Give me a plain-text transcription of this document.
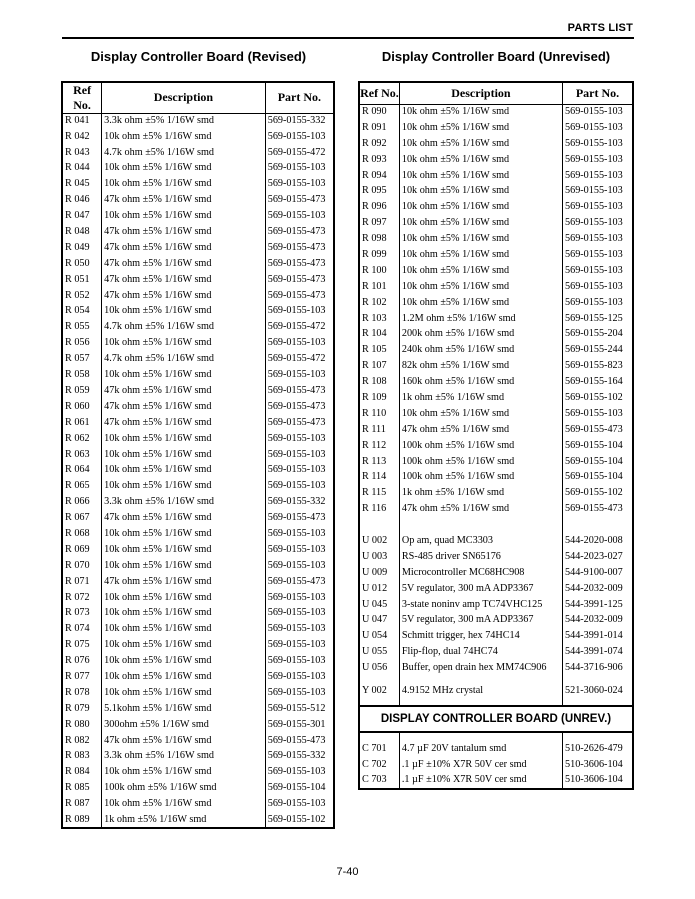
PARTS LIST
Display Controller Board (Revised)	Display Controller Board (Unrevised)
Ref No.	Description	Part No.
R 041	3.3k ohm ±5% 1/16W smd	569-0155-332
R 042	10k ohm ±5% 1/16W smd	569-0155-103
R 043	4.7k ohm ±5% 1/16W smd	569-0155-472
R 044	10k ohm ±5% 1/16W smd	569-0155-103
R 045	10k ohm ±5% 1/16W smd	569-0155-103
R 046	47k ohm ±5% 1/16W smd	569-0155-473
R 047	10k ohm ±5% 1/16W smd	569-0155-103
R 048	47k ohm ±5% 1/16W smd	569-0155-473
R 049	47k ohm ±5% 1/16W smd	569-0155-473
R 050	47k ohm ±5% 1/16W smd	569-0155-473
R 051	47k ohm ±5% 1/16W smd	569-0155-473
R 052	47k ohm ±5% 1/16W smd	569-0155-473
R 054	10k ohm ±5% 1/16W smd	569-0155-103
R 055	4.7k ohm ±5% 1/16W smd	569-0155-472
R 056	10k ohm ±5% 1/16W smd	569-0155-103
R 057	4.7k ohm ±5% 1/16W smd	569-0155-472
R 058	10k ohm ±5% 1/16W smd	569-0155-103
R 059	47k ohm ±5% 1/16W smd	569-0155-473
R 060	47k ohm ±5% 1/16W smd	569-0155-473
R 061	47k ohm ±5% 1/16W smd	569-0155-473
R 062	10k ohm ±5% 1/16W smd	569-0155-103
R 063	10k ohm ±5% 1/16W smd	569-0155-103
R 064	10k ohm ±5% 1/16W smd	569-0155-103
R 065	10k ohm ±5% 1/16W smd	569-0155-103
R 066	3.3k ohm ±5% 1/16W smd	569-0155-332
R 067	47k ohm ±5% 1/16W smd	569-0155-473
R 068	10k ohm ±5% 1/16W smd	569-0155-103
R 069	10k ohm ±5% 1/16W smd	569-0155-103
R 070	10k ohm ±5% 1/16W smd	569-0155-103
R 071	47k ohm ±5% 1/16W smd	569-0155-473
R 072	10k ohm ±5% 1/16W smd	569-0155-103
R 073	10k ohm ±5% 1/16W smd	569-0155-103
R 074	10k ohm ±5% 1/16W smd	569-0155-103
R 075	10k ohm ±5% 1/16W smd	569-0155-103
R 076	10k ohm ±5% 1/16W smd	569-0155-103
R 077	10k ohm ±5% 1/16W smd	569-0155-103
R 078	10k ohm ±5% 1/16W smd	569-0155-103
R 079	5.1kohm ±5% 1/16W smd	569-0155-512
R 080	300ohm ±5% 1/16W smd	569-0155-301
R 082	47k ohm ±5% 1/16W smd	569-0155-473
R 083	3.3k ohm ±5% 1/16W smd	569-0155-332
R 084	10k ohm ±5% 1/16W smd	569-0155-103
R 085	100k ohm ±5% 1/16W smd	569-0155-104
R 087	10k ohm ±5% 1/16W smd	569-0155-103
R 089	1k ohm ±5% 1/16W smd	569-0155-102
Ref No.	Description	Part No.
R 090	10k ohm ±5% 1/16W smd	569-0155-103
R 091	10k ohm ±5% 1/16W smd	569-0155-103
R 092	10k ohm ±5% 1/16W smd	569-0155-103
R 093	10k ohm ±5% 1/16W smd	569-0155-103
R 094	10k ohm ±5% 1/16W smd	569-0155-103
R 095	10k ohm ±5% 1/16W smd	569-0155-103
R 096	10k ohm ±5% 1/16W smd	569-0155-103
R 097	10k ohm ±5% 1/16W smd	569-0155-103
R 098	10k ohm ±5% 1/16W smd	569-0155-103
R 099	10k ohm ±5% 1/16W smd	569-0155-103
R 100	10k ohm ±5% 1/16W smd	569-0155-103
R 101	10k ohm ±5% 1/16W smd	569-0155-103
R 102	10k ohm ±5% 1/16W smd	569-0155-103
R 103	1.2M ohm ±5% 1/16W smd	569-0155-125
R 104	200k ohm ±5% 1/16W smd	569-0155-204
R 105	240k ohm ±5% 1/16W smd	569-0155-244
R 107	82k ohm ±5% 1/16W smd	569-0155-823
R 108	160k ohm ±5% 1/16W smd	569-0155-164
R 109	1k ohm ±5% 1/16W smd	569-0155-102
R 110	10k ohm ±5% 1/16W smd	569-0155-103
R 111	47k ohm ±5% 1/16W smd	569-0155-473
R 112	100k ohm ±5% 1/16W smd	569-0155-104
R 113	100k ohm ±5% 1/16W smd	569-0155-104
R 114	100k ohm ±5% 1/16W smd	569-0155-104
R 115	1k ohm ±5% 1/16W smd	569-0155-102
R 116	47k ohm ±5% 1/16W smd	569-0155-473

U 002	Op am, quad MC3303	544-2020-008
U 003	RS-485 driver SN65176	544-2023-027
U 009	Microcontroller MC68HC908	544-9100-007
U 012	5V regulator, 300 mA ADP3367	544-2032-009
U 045	3-state noninv amp TC74VHC125	544-3991-125
U 047	5V regulator, 300 mA ADP3367	544-2032-009
U 054	Schmitt trigger, hex 74HC14	544-3991-014
U 055	Flip-flop, dual 74HC74	544-3991-074
U 056	Buffer, open drain hex MM74C906	544-3716-906

Y 002	4.9152 MHz crystal	521-3060-024

DISPLAY CONTROLLER BOARD (UNREV.)		

C 701	4.7 µF 20V tantalum smd	510-2626-479
C 702	.1 µF ±10% X7R 50V cer smd	510-3606-104
C 703	.1 µF ±10% X7R 50V cer smd	510-3606-104
7-40
